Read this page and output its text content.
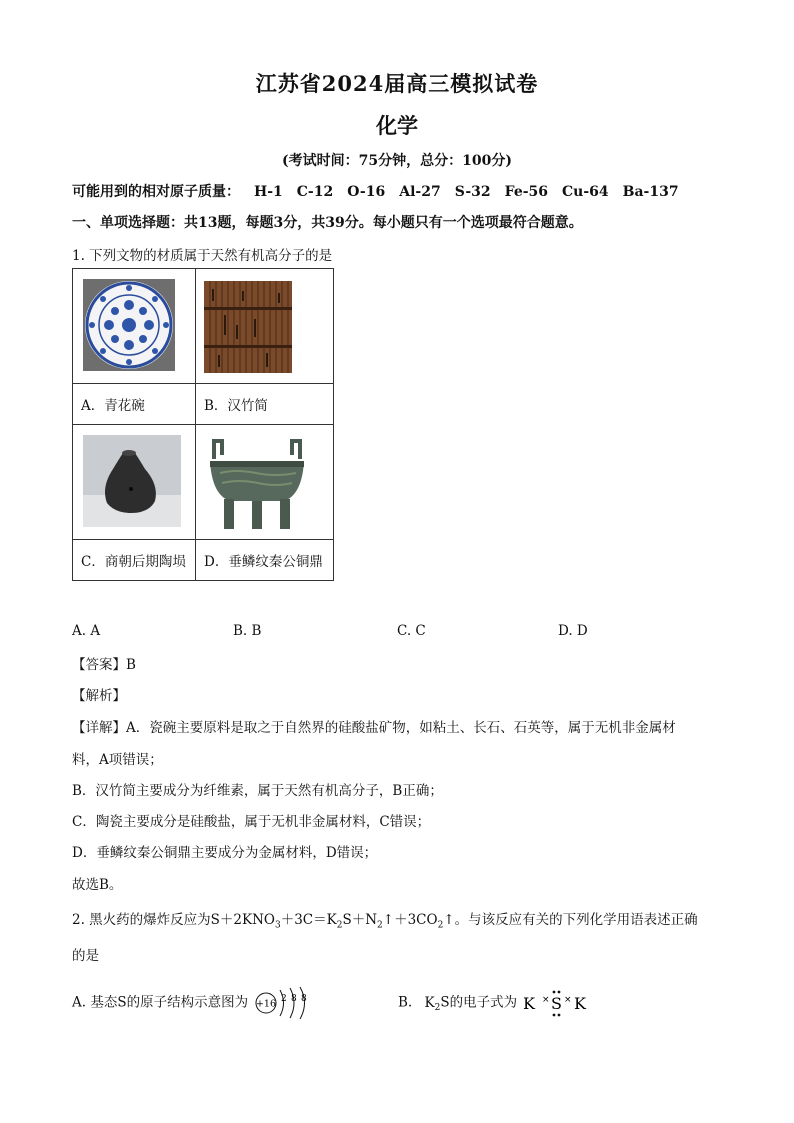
江苏省2024届高三模拟试卷
化学
(考试时间：75分钟，总分：100分)
可能用到的相对原子质量： H-1 C-12 O-16 Al-27 S-32 Fe-56 Cu-64 Ba-137
一、单项选择题：共13题，每题3分，共39分。每小题只有一个选项最符合题意。
1. 下列文物的材质属于天然有机高分子的是

A．青花碗	B．汉竹简

C．商朝后期陶埙	D．垂鳞纹秦公铜鼎
A. A	B. B	C. C	D. D
【答案】B
【解析】
【详解】A．瓷碗主要原料是取之于自然界的硅酸盐矿物，如粘土、长石、石英等，属于无机非金属材
料，A项错误；
B．汉竹简主要成分为纤维素，属于天然有机高分子，B正确；
C．陶瓷主要成分是硅酸盐，属于无机非金属材料，C错误；
D．垂鳞纹秦公铜鼎主要成分为金属材料，D错误；
故选B。
2. 黑火药的爆炸反应为$S+2KNO_3+3C=K_2S+N_2↑+3CO_2↑$。与该反应有关的下列化学用语表述正确
的是
A. 基态S的原子结构示意图为 +16 2 8 8	B. $K_2S$的电子式为 K × S × K
